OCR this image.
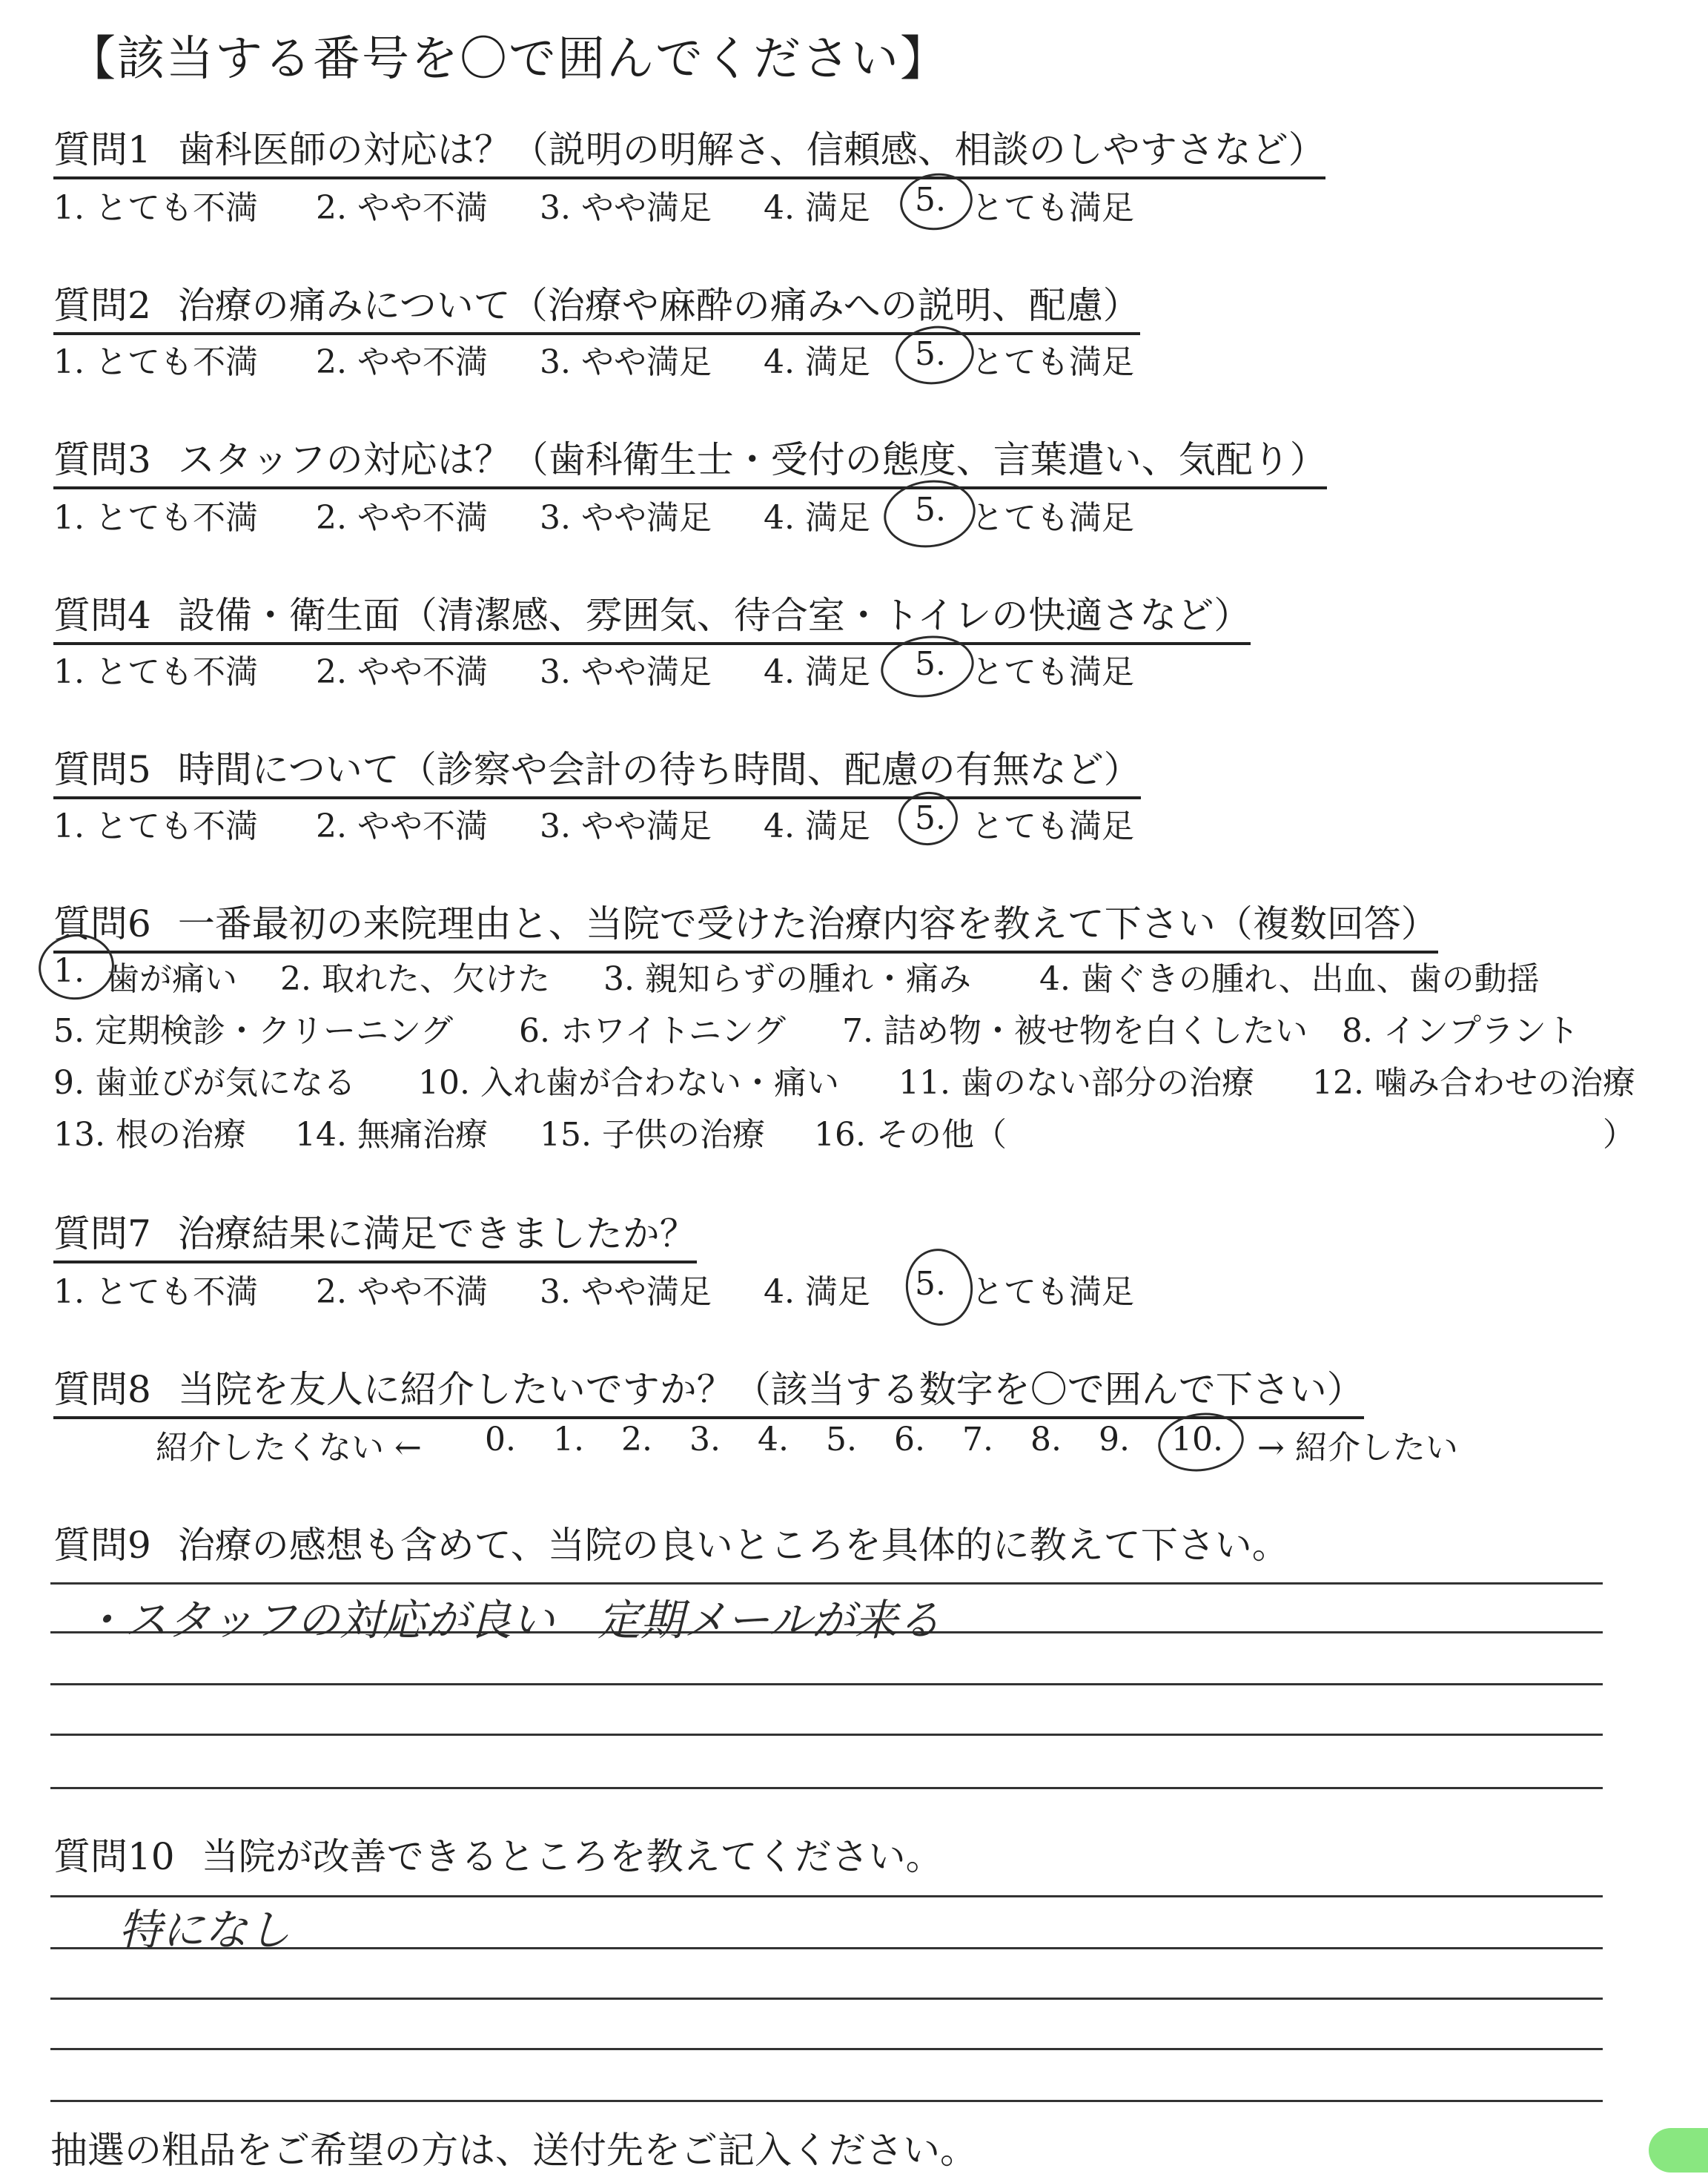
【該当する番号を〇で囲んでください】
質問1 歯科医師の対応は？（説明の明解さ、信頼感、相談のしやすさなど）
1. とても不満 2. やや不満 3. やや満足 4. 満足 5. とても満足
質問2 治療の痛みについて（治療や麻酔の痛みへの説明、配慮）
1. とても不満 2. やや不満 3. やや満足 4. 満足 5. とても満足
質問3 スタッフの対応は？（歯科衛生士・受付の態度、言葉遣い、気配り）
1. とても不満 2. やや不満 3. やや満足 4. 満足 5. とても満足
質問4 設備・衛生面（清潔感、雰囲気、待合室・トイレの快適さなど）
1. とても不満 2. やや不満 3. やや満足 4. 満足 5. とても満足
質問5 時間について（診察や会計の待ち時間、配慮の有無など）
1. とても不満 2. やや不満 3. やや満足 4. 満足 5. とても満足
質問6 一番最初の来院理由と、当院で受けた治療内容を教えて下さい（複数回答）
1. 歯が痛い 2. 取れた、欠けた 3. 親知らずの腫れ・痛み 4. 歯ぐきの腫れ、出血、歯の動揺
5. 定期検診・クリーニング 6. ホワイトニング 7. 詰め物・被せ物を白くしたい 8. インプラント
9. 歯並びが気になる 10. 入れ歯が合わない・痛い 11. 歯のない部分の治療 12. 噛み合わせの治療
13. 根の治療 14. 無痛治療 15. 子供の治療 16. その他（	）
質問7 治療結果に満足できましたか？
1. とても不満 2. やや不満 3. やや満足 4. 満足 5. とても満足
質問8 当院を友人に紹介したいですか？（該当する数字を〇で囲んで下さい）
紹介したくない ← 0. 1. 2. 3. 4. 5. 6. 7. 8. 9. 10. → 紹介したい
質問9 治療の感想も含めて、当院の良いところを具体的に教えて下さい。
・スタッフの対応が良い　定期メールが来る
質問10 当院が改善できるところを教えてください。
特になし
抽選の粗品をご希望の方は、送付先をご記入ください。
